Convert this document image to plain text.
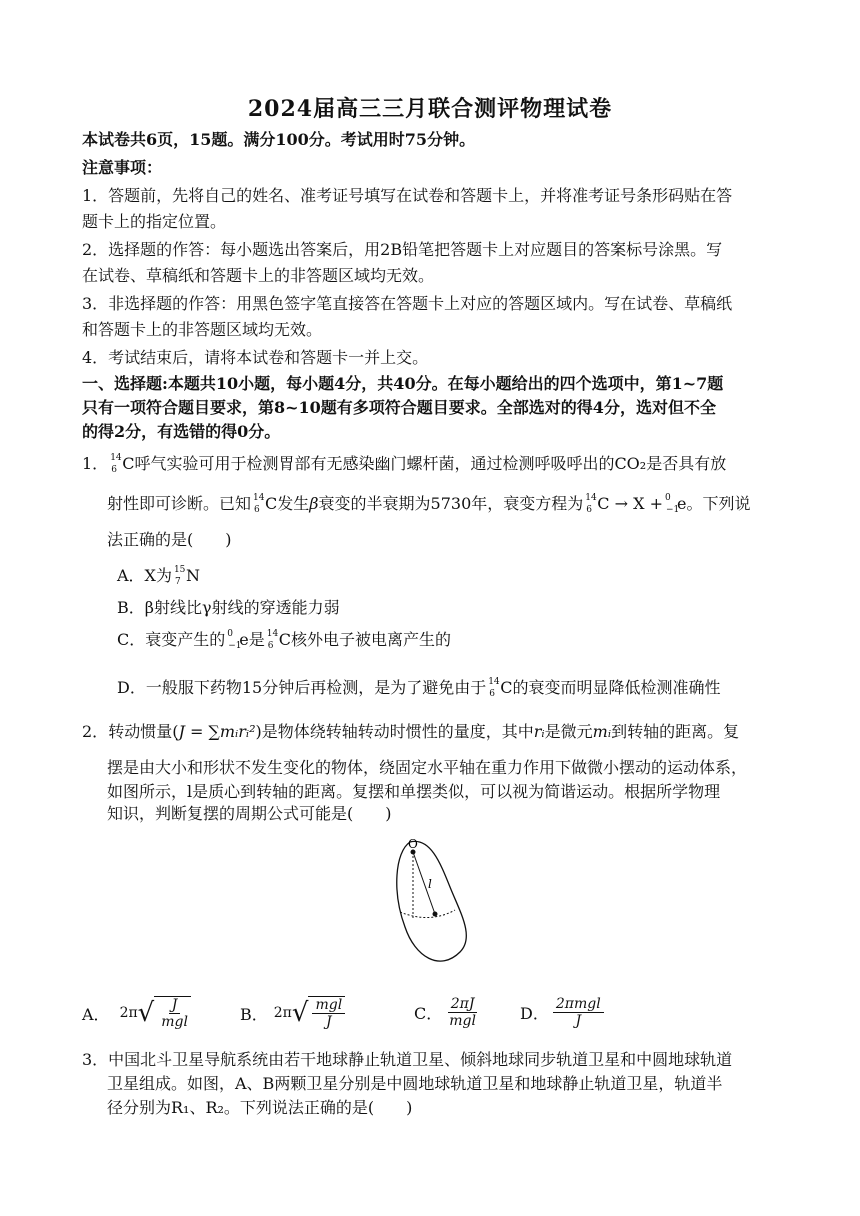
2024届高三三月联合测评物理试卷
本试卷共6页，15题。满分100分。考试用时75分钟。
注意事项：
1．答题前，先将自己的姓名、准考证号填写在试卷和答题卡上，并将准考证号条形码贴在答
题卡上的指定位置。
2．选择题的作答：每小题选出答案后，用2B铅笔把答题卡上对应题目的答案标号涂黑。写
在试卷、草稿纸和答题卡上的非答题区域均无效。
3．非选择题的作答：用黑色签字笔直接答在答题卡上对应的答题区域内。写在试卷、草稿纸
和答题卡上的非答题区域均无效。
4．考试结束后，请将本试卷和答题卡一并上交。
一、选择题:本题共10小题，每小题4分，共40分。在每小题给出的四个选项中，第1~7题
只有一项符合题目要求，第8~10题有多项符合题目要求。全部选对的得4分，选对但不全
的得2分，有选错的得0分。
1． 14
6 C呼气实验可用于检测胃部有无感染幽门螺杆菌，通过检测呼吸呼出的CO₂是否具有放
射性即可诊断。已知 14
6 C发生β衰变的半衰期为5730年，衰变方程为 14
6 C → X + 0
−1
e。下列说
法正确的是(　　)
A．X为 15
7 N
B．β射线比γ射线的穿透能力弱
C．衰变产生的 0
−1
e是 14
6 C核外电子被电离产生的
D．一般服下药物15分钟后再检测，是为了避免由于 14
6 C的衰变而明显降低检测准确性
2．转动惯量(J = ∑mᵢrᵢ²)是物体绕转轴转动时惯性的量度，其中rᵢ是微元mᵢ到转轴的距离。复
摆是由大小和形状不发生变化的物体，绕固定水平轴在重力作用下做微小摆动的运动体系，
如图所示，l是质心到转轴的距离。复摆和单摆类似，可以视为简谐运动。根据所学物理
知识，判断复摆的周期公式可能是(　　)
O
l
A． 2π √ $\frac{J}{\text{mgl}}$	B． 2π √ $\frac{\text{mgl}}{J}$	C． $\frac{2\pi J}{\text{mgl}}$	D． $\frac{\text{2πmgl}}{J}$
3．中国北斗卫星导航系统由若干地球静止轨道卫星、倾斜地球同步轨道卫星和中圆地球轨道
卫星组成。如图，A、B两颗卫星分别是中圆地球轨道卫星和地球静止轨道卫星，轨道半
径分别为R₁、R₂。下列说法正确的是(　　)
